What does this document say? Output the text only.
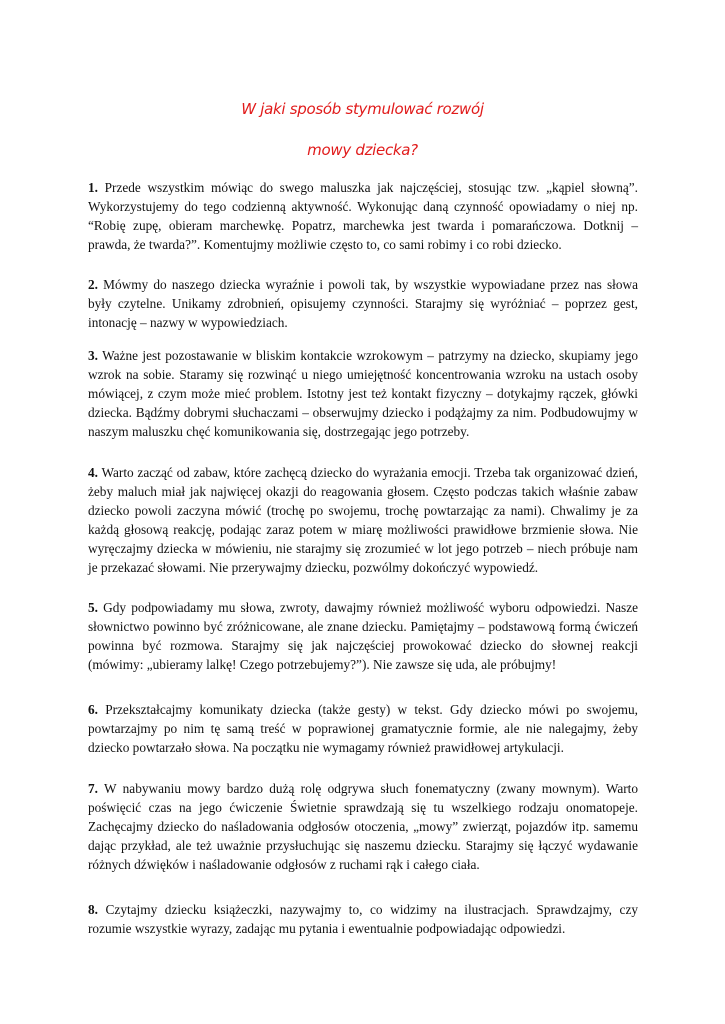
W jaki sposób stymulować rozwój
mowy dziecka?

1. Przede wszystkim mówiąc do swego maluszka jak najczęściej, stosując tzw. „kąpiel słowną”. Wykorzystujemy do tego codzienną aktywność. Wykonując daną czynność opowiadamy o niej np. “Robię zupę, obieram marchewkę. Popatrz, marchewka jest twarda i pomarańczowa. Dotknij – prawda, że twarda?”. Komentujmy możliwie często to, co sami robimy i co robi dziecko.

2. Mówmy do naszego dziecka wyraźnie i powoli tak, by wszystkie wypowiadane przez nas słowa były czytelne. Unikamy zdrobnień, opisujemy czynności. Starajmy się wyróżniać – poprzez gest, intonację – nazwy w wypowiedziach.

3. Ważne jest pozostawanie w bliskim kontakcie wzrokowym – patrzymy na dziecko, skupiamy jego wzrok na sobie. Staramy się rozwinąć u niego umiejętność koncentrowania wzroku na ustach osoby mówiącej, z czym może mieć problem. Istotny jest też kontakt fizyczny – dotykajmy rączek, główki dziecka. Bądźmy dobrymi słuchaczami – obserwujmy dziecko i podążajmy za nim. Podbudowujmy w naszym maluszku chęć komunikowania się, dostrzegając jego potrzeby.

4. Warto zacząć od zabaw, które zachęcą dziecko do wyrażania emocji. Trzeba tak organizować dzień, żeby maluch miał jak najwięcej okazji do reagowania głosem. Często podczas takich właśnie zabaw dziecko powoli zaczyna mówić (trochę po swojemu, trochę powtarzając za nami). Chwalimy je za każdą głosową reakcję, podając zaraz potem w miarę możliwości prawidłowe brzmienie słowa. Nie wyręczajmy dziecka w mówieniu, nie starajmy się zrozumieć w lot jego potrzeb – niech próbuje nam je przekazać słowami. Nie przerywajmy dziecku, pozwólmy dokończyć wypowiedź.

5. Gdy podpowiadamy mu słowa, zwroty, dawajmy również możliwość wyboru odpowiedzi. Nasze słownictwo powinno być zróżnicowane, ale znane dziecku. Pamiętajmy – podstawową formą ćwiczeń powinna być rozmowa. Starajmy się jak najczęściej prowokować dziecko do słownej reakcji (mówimy: „ubieramy lalkę! Czego potrzebujemy?”). Nie zawsze się uda, ale próbujmy!

6. Przekształcajmy komunikaty dziecka (także gesty) w tekst. Gdy dziecko mówi po swojemu, powtarzajmy po nim tę samą treść w poprawionej gramatycznie formie, ale nie nalegajmy, żeby dziecko powtarzało słowa. Na początku nie wymagamy również prawidłowej artykulacji.

7. W nabywaniu mowy bardzo dużą rolę odgrywa słuch fonematyczny (zwany mownym). Warto poświęcić czas na jego ćwiczenie Świetnie sprawdzają się tu wszelkiego rodzaju onomatopeje. Zachęcajmy dziecko do naśladowania odgłosów otoczenia, „mowy” zwierząt, pojazdów itp. samemu dając przykład, ale też uważnie przysłuchując się naszemu dziecku. Starajmy się łączyć wydawanie różnych dźwięków i naśladowanie odgłosów z ruchami rąk i całego ciała.

8. Czytajmy dziecku książeczki, nazywajmy to, co widzimy na ilustracjach. Sprawdzajmy, czy rozumie wszystkie wyrazy, zadając mu pytania i ewentualnie podpowiadając odpowiedzi.
